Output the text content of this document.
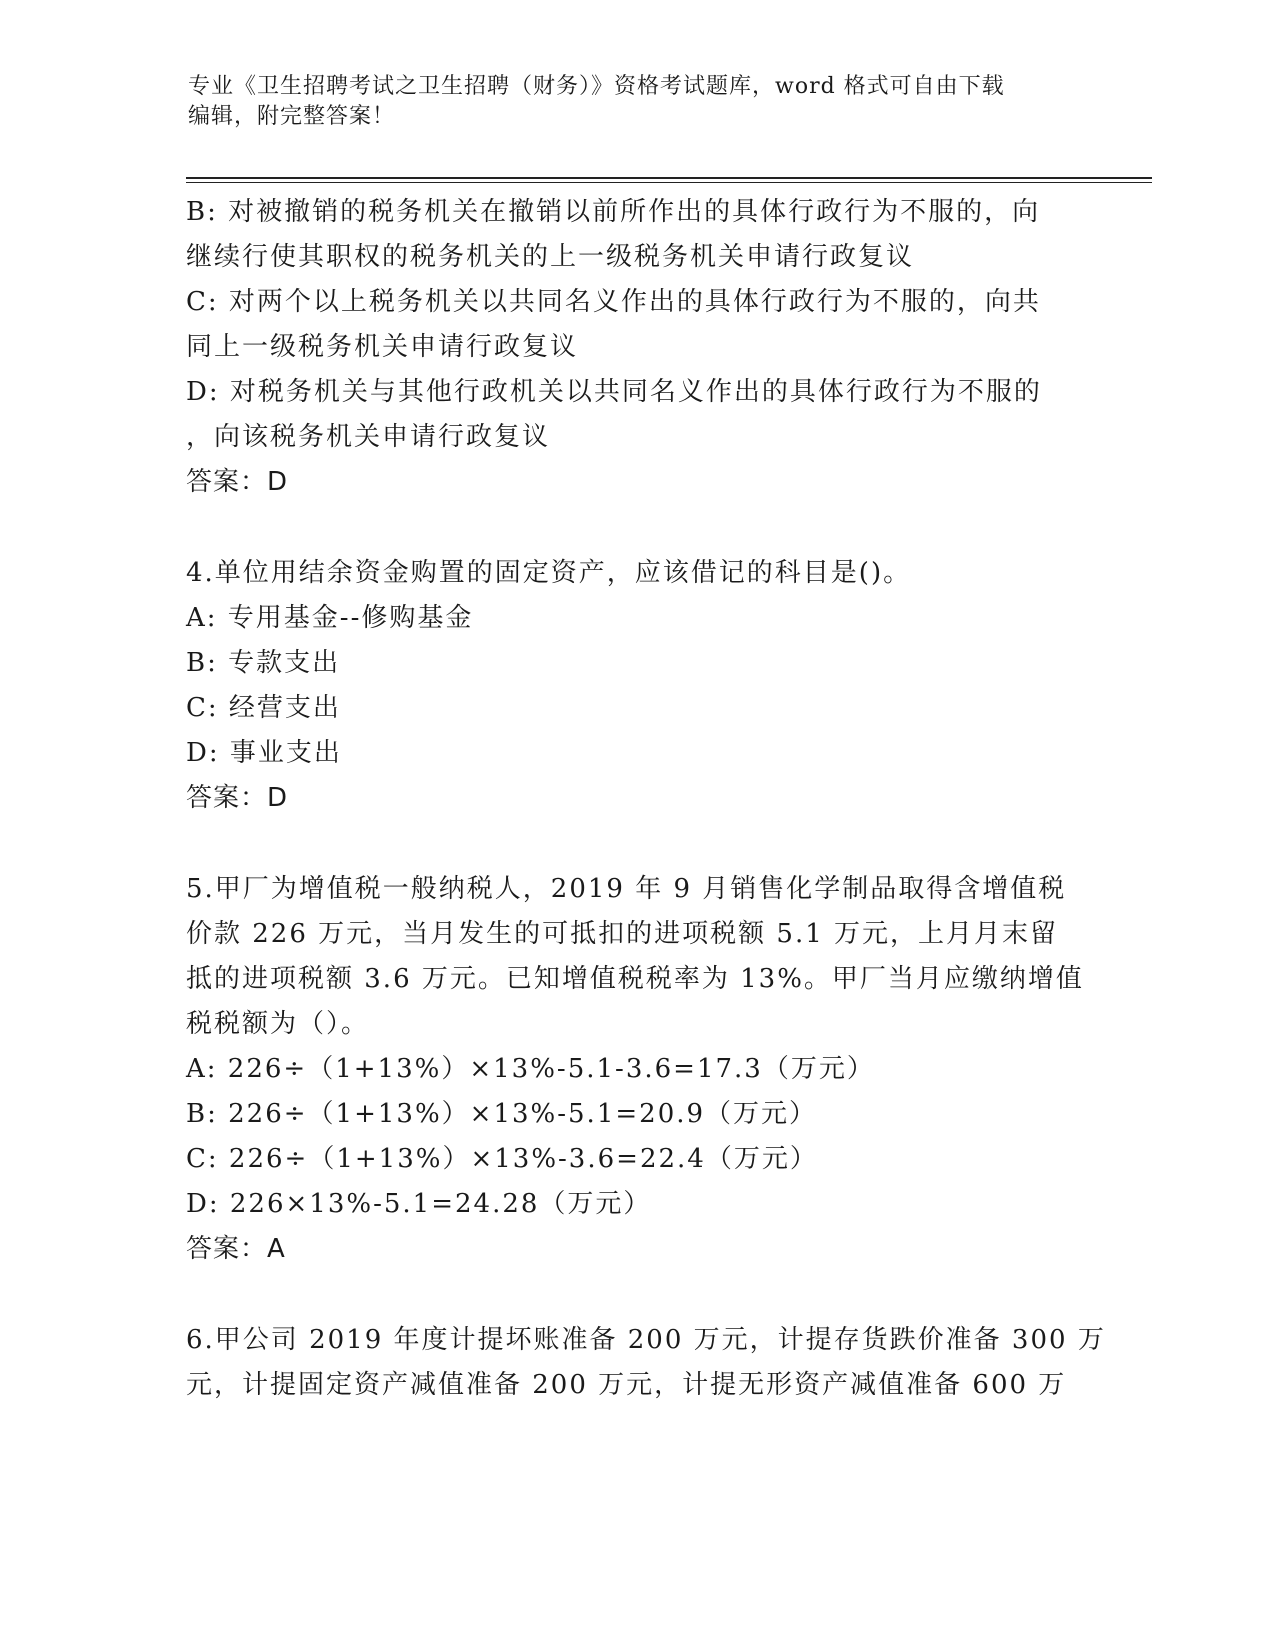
专业《卫生招聘考试之卫生招聘（财务）》资格考试题库，word 格式可自由下载
编辑，附完整答案！
B: 对被撤销的税务机关在撤销以前所作出的具体行政行为不服的，向
继续行使其职权的税务机关的上一级税务机关申请行政复议
C: 对两个以上税务机关以共同名义作出的具体行政行为不服的，向共
同上一级税务机关申请行政复议
D: 对税务机关与其他行政机关以共同名义作出的具体行政行为不服的
，向该税务机关申请行政复议
答案：D
4.单位用结余资金购置的固定资产，应该借记的科目是()。
A: 专用基金--修购基金
B: 专款支出
C: 经营支出
D: 事业支出
答案：D
5.甲厂为增值税一般纳税人，2019 年 9 月销售化学制品取得含增值税
价款 226 万元，当月发生的可抵扣的进项税额 5.1 万元，上月月末留
抵的进项税额 3.6 万元。已知增值税税率为 13%。甲厂当月应缴纳增值
税税额为（）。
A: 226÷（1+13%）×13%-5.1-3.6=17.3（万元）
B: 226÷（1+13%）×13%-5.1=20.9（万元）
C: 226÷（1+13%）×13%-3.6=22.4（万元）
D: 226×13%-5.1=24.28（万元）
答案：A
6.甲公司 2019 年度计提坏账准备 200 万元，计提存货跌价准备 300 万
元，计提固定资产减值准备 200 万元，计提无形资产减值准备 600 万
